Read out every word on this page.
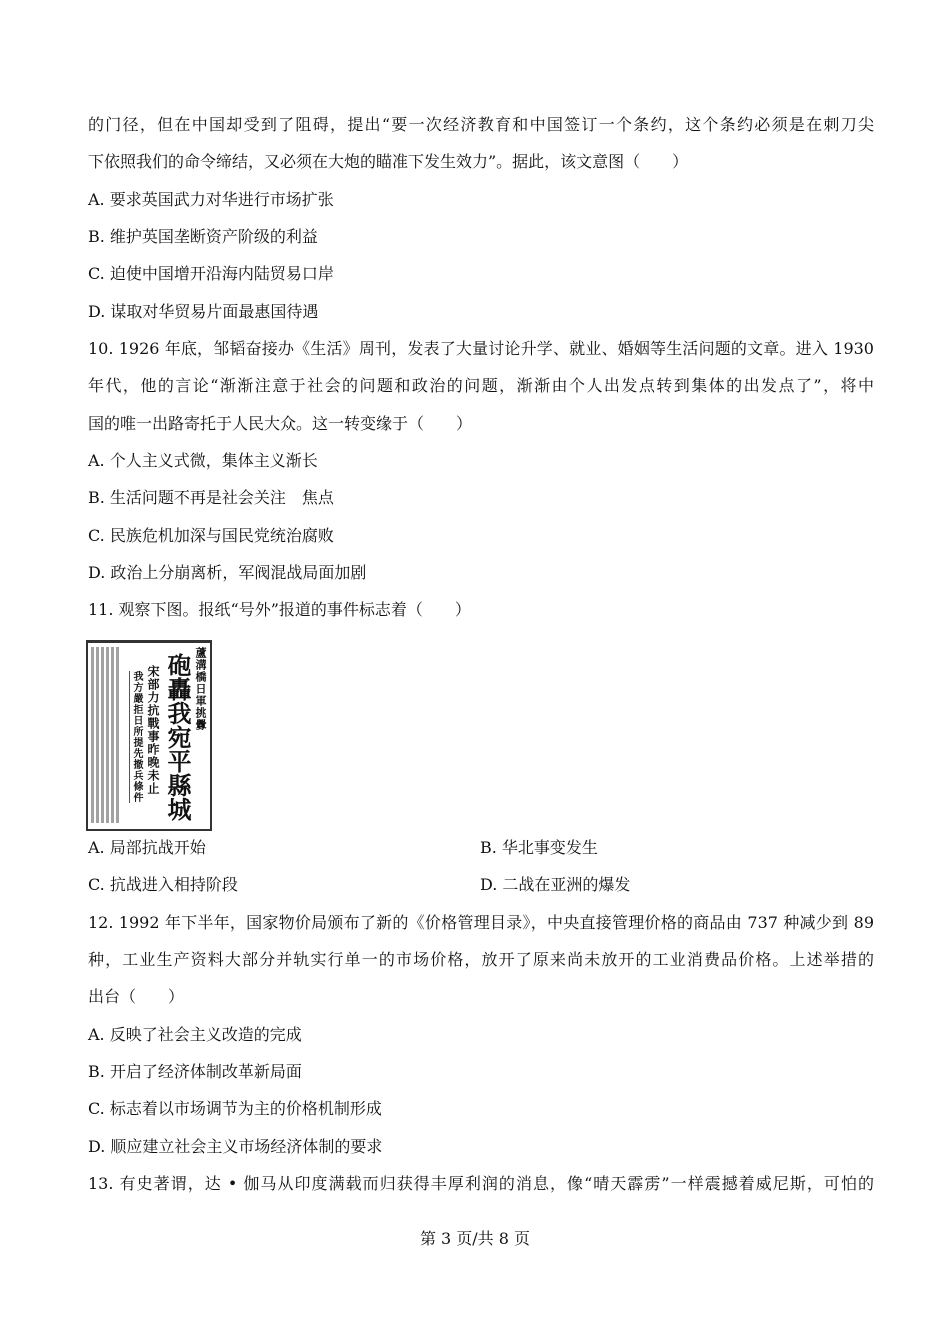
的门径，但在中国却受到了阻碍，提出“要一次经济教育和中国签订一个条约，这个条约必须是在刺刀尖
下依照我们的命令缔结，又必须在大炮的瞄准下发生效力”。据此，该文意图（　　）
A. 要求英国武力对华进行市场扩张
B. 维护英国垄断资产阶级的利益
C. 迫使中国增开沿海内陆贸易口岸
D. 谋取对华贸易片面最惠国待遇
10. 1926 年底，邹韬奋接办《生活》周刊，发表了大量讨论升学、就业、婚姻等生活问题的文章。进入 1930
年代，他的言论“渐渐注意于社会的问题和政治的问题，渐渐由个人出发点转到集体的出发点了”，将中
国的唯一出路寄托于人民大众。这一转变缘于（　　）
A. 个人主义式微，集体主义渐长
B. 生活问题不再是社会关注　焦点
C. 民族危机加深与国民党统治腐败
D. 政治上分崩离析，军阀混战局面加剧
11. 观察下图。报纸“号外”报道的事件标志着（　　）
蘆溝橋日軍挑釁
砲轟我宛平縣城
宋部力抗戰事昨晚未止
我方嚴拒日所提先撤兵條件
A. 局部抗战开始	B. 华北事变发生
C. 抗战进入相持阶段	D. 二战在亚洲的爆发
12. 1992 年下半年，国家物价局颁布了新的《价格管理目录》，中央直接管理价格的商品由 737 种减少到 89
种，工业生产资料大部分并轨实行单一的市场价格，放开了原来尚未放开的工业消费品价格。上述举措的
出台（　　）
A. 反映了社会主义改造的完成
B. 开启了经济体制改革新局面
C. 标志着以市场调节为主的价格机制形成
D. 顺应建立社会主义市场经济体制的要求
13. 有史著谓，达 • 伽马从印度满载而归获得丰厚利润的消息，像“晴天霹雳”一样震撼着威尼斯，可怕的
第 3 页/共 8 页
